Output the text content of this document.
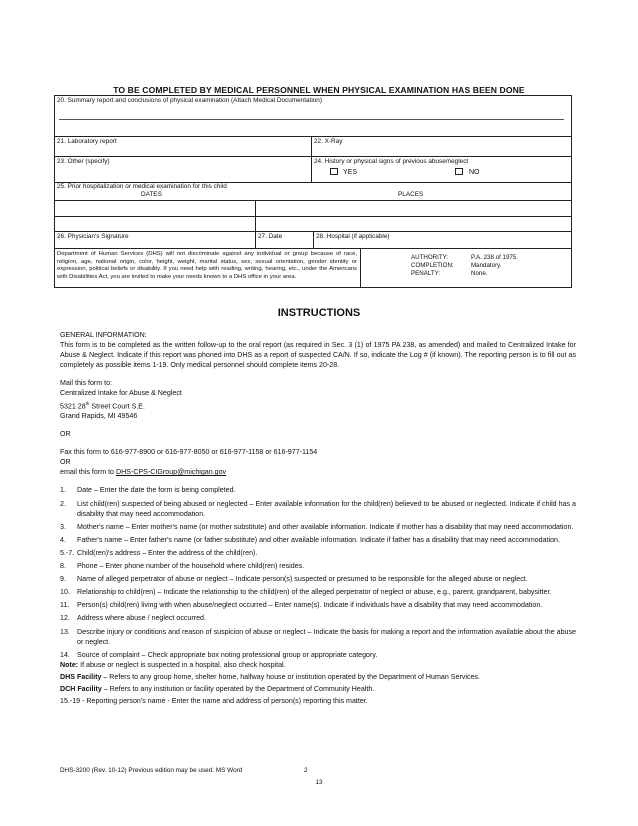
TO BE COMPLETED BY MEDICAL PERSONNEL WHEN PHYSICAL EXAMINATION HAS BEEN DONE
20. Summary report and conclusions of physical examination (Attach Medical Documentation)
21. Laboratory report	22. X-Ray
23. Other (specify)	24. History or physical signs of previous abuse/neglect
YES	NO
25. Prior hospitalization or medical examination for this child
DATES	PLACES
26. Physician's Signature	27. Date	28. Hospital (if applicable)
Department of Human Services (DHS) will not discriminate against any individual or group because of race, religion, age, national origin, color, height, weight, marital status, sex, sexual orientation, gender identity or expression, political beliefs or disability. If you need help with reading, writing, hearing, etc., under the Americans with Disabilities Act, you are invited to make your needs known to a DHS office in your area.
AUTHORITY:	P.A. 238 of 1975.
COMPLETION:	Mandatory.
PENALTY:	None.
INSTRUCTIONS

GENERAL INFORMATION:

This form is to be completed as the written follow-up to the oral report (as required in Sec. 3 (1) of 1975 PA 238, as amended) and mailed to Centralized Intake for Abuse & Neglect. Indicate if this report was phoned into DHS as a report of suspected CA/N. If so, indicate the Log # (if known). The reporting person is to fill out as completely as possible items 1-19. Only medical personnel should complete items 20-28.

Mail this form to:

Centralized Intake for Abuse & Neglect

5321 28th Street Court S.E.

Grand Rapids, MI 49546

OR

Fax this form to 616-977-8900 or 616-977-8050 or 616-977-1158 or 616-977-1154

OR

email this form to DHS-CPS-CIGroup@michigan.gov

1.	Date – Enter the date the form is being completed.
2.	List child(ren) suspected of being abused or neglected – Enter available information for the child(ren) believed to be abused or neglected. Indicate if child has a disability that may need accommodation.
3.	Mother's name – Enter mother's name (or mother substitute) and other available information. Indicate if mother has a disability that may need accommodation.
4.	Father's name – Enter father's name (or father substitute) and other available information. Indicate if father has a disability that may need accommodation.
5.-7. Child(ren)'s address – Enter the address of the child(ren).
8.	Phone – Enter phone number of the household where child(ren) resides.
9.	Name of alleged perpetrator of abuse or neglect – Indicate person(s) suspected or presumed to be responsible for the alleged abuse or neglect.
10.	Relationship to child(ren) – Indicate the relationship to the child(ren) of the alleged perpetrator of neglect or abuse, e.g., parent, grandparent, babysitter.
11.	Person(s) child(ren) living with when abuse/neglect occurred – Enter name(s). Indicate if individuals have a disability that may need accommodation.
12.	Address where abuse / neglect occurred.
13.	Describe injury or conditions and reason of suspicion of abuse or neglect – Indicate the basis for making a report and the information available about the abuse or neglect.
14.	Source of complaint – Check appropriate box noting professional group or appropriate category.

Note: If abuse or neglect is suspected in a hospital, also check hospital.

DHS Facility – Refers to any group home, shelter home, halfway house or institution operated by the Department of Human Services.

DCH Facility – Refers to any institution or facility operated by the Department of Community Health.

15.-19 - Reporting person's name - Enter the name and address of person(s) reporting this matter.

DHS-3200 (Rev. 10-12) Previous edition may be used. MS Word	2
13
